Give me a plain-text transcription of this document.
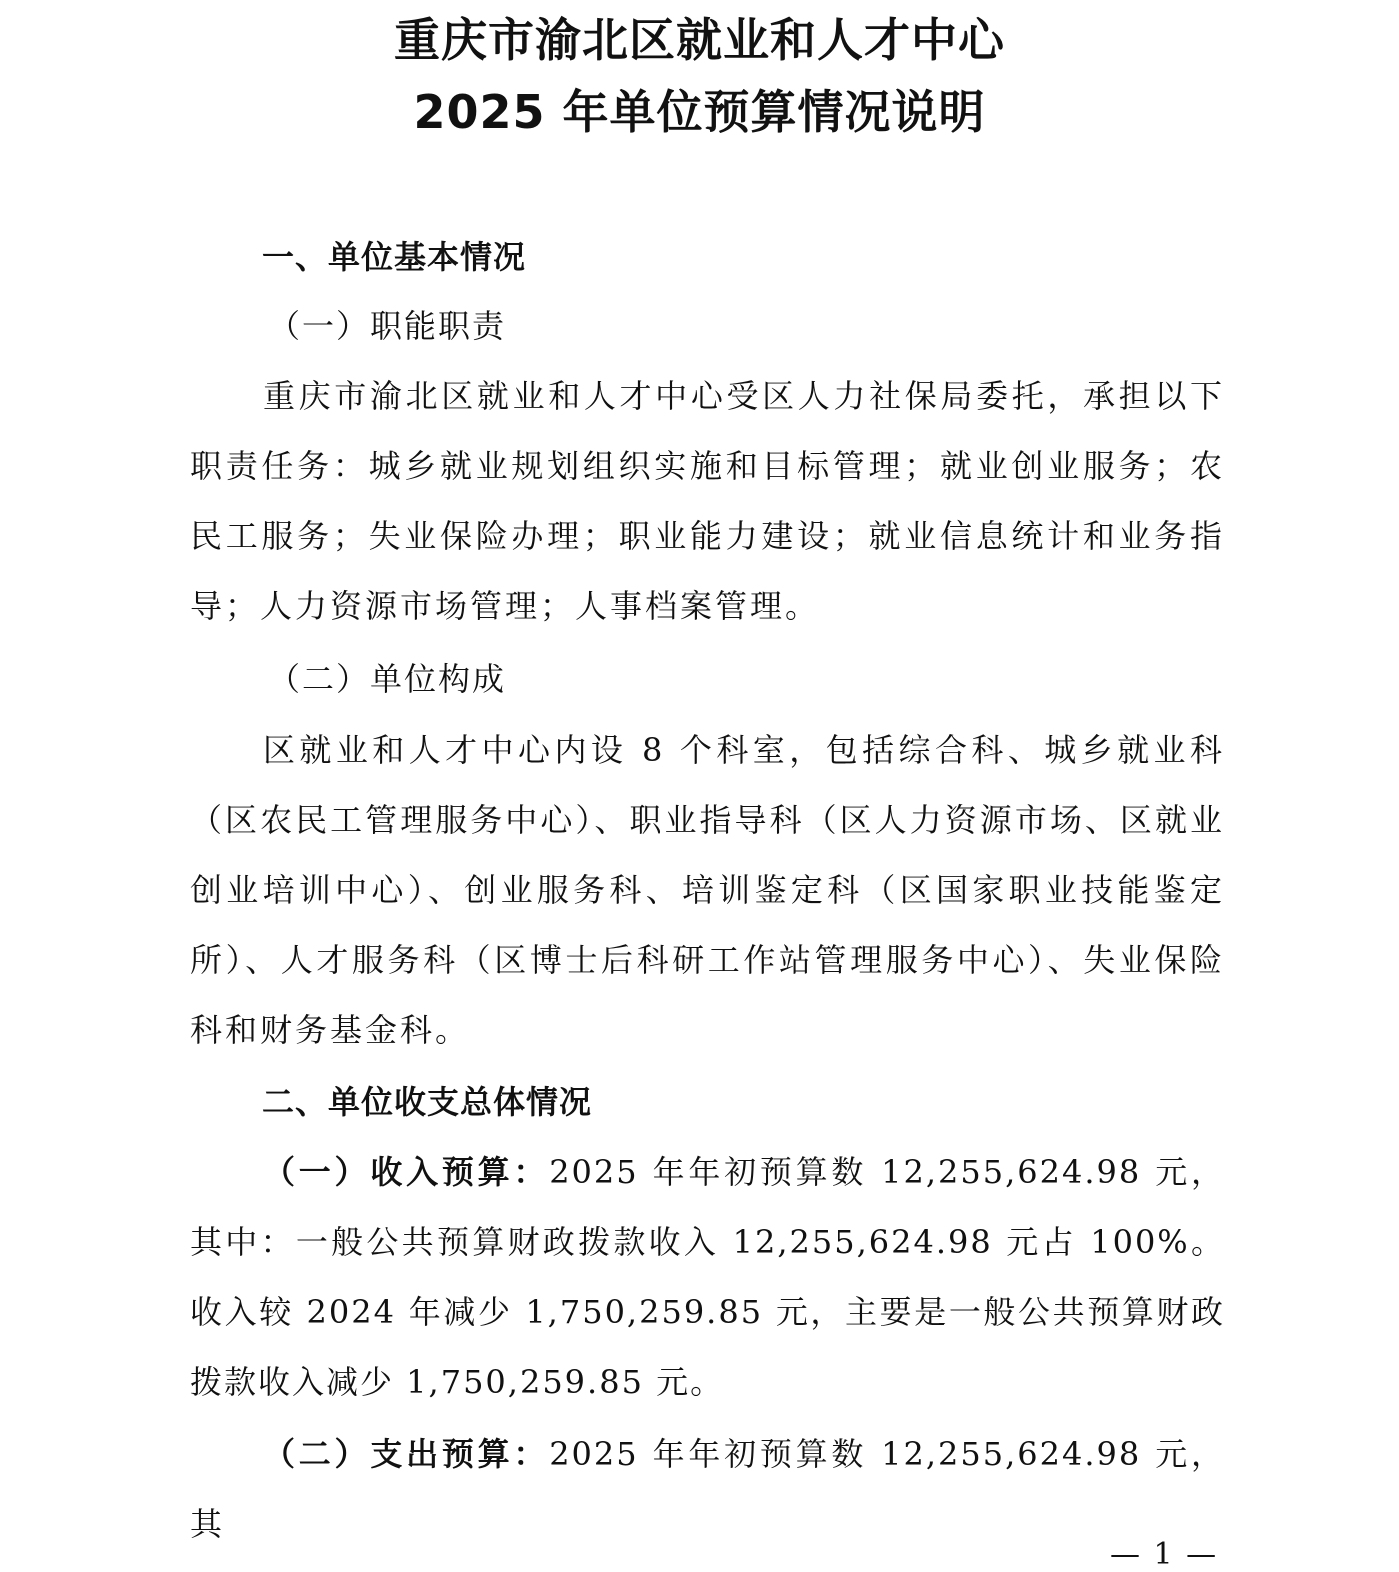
重庆市渝北区就业和人才中心
2025 年单位预算情况说明
一、单位基本情况
（一）职能职责

重庆市渝北区就业和人才中心受区人力社保局委托，承担以下职责任务：城乡就业规划组织实施和目标管理；就业创业服务；农民工服务；失业保险办理；职业能力建设；就业信息统计和业务指导；人力资源市场管理；人事档案管理。

（二）单位构成

区就业和人才中心内设 8 个科室，包括综合科、城乡就业科（区农民工管理服务中心）、职业指导科（区人力资源市场、区就业创业培训中心）、创业服务科、培训鉴定科（区国家职业技能鉴定所）、人才服务科（区博士后科研工作站管理服务中心）、失业保险科和财务基金科。

二、单位收支总体情况

（一）收入预算：2025 年年初预算数 12,255,624.98 元，其中：一般公共预算财政拨款收入 12,255,624.98 元占 100%。收入较 2024 年减少 1,750,259.85 元，主要是一般公共预算财政拨款收入减少 1,750,259.85 元。

（二）支出预算：2025 年年初预算数 12,255,624.98 元，其

— 1 —
